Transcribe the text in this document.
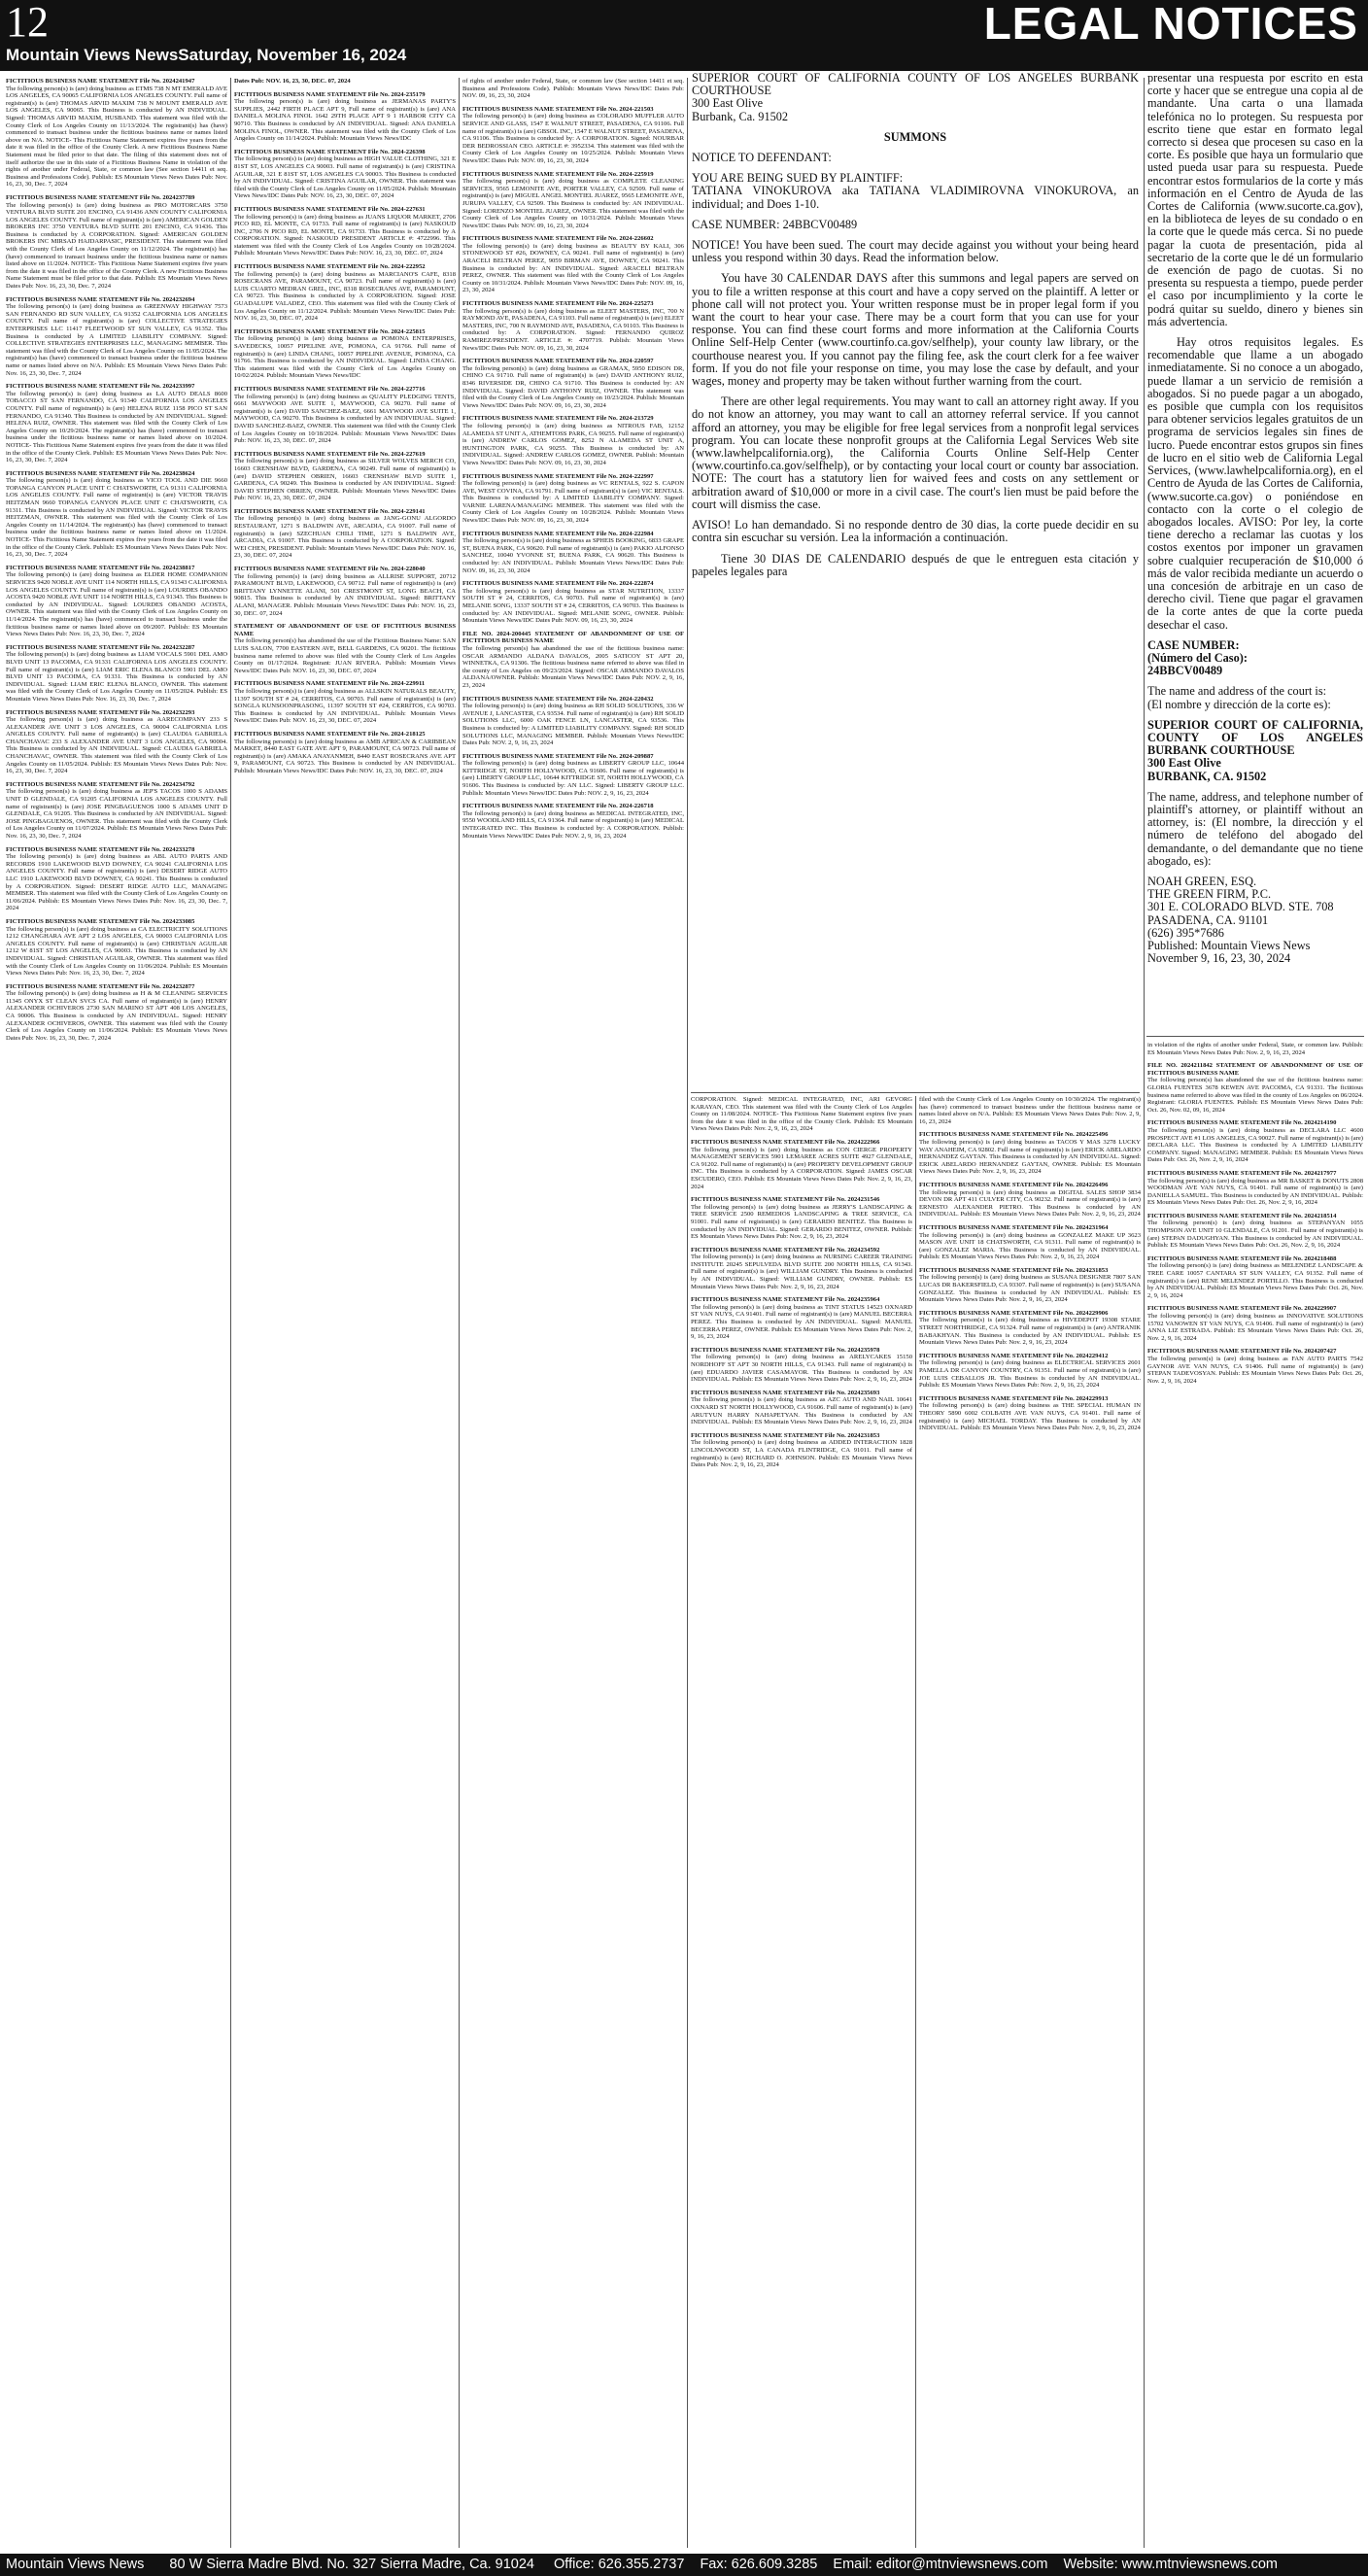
12	LEGAL NOTICES
Mountain Views NewsSaturday, November 16, 2024
FICTITIOUS BUSINESS NAME STATEMENT File No. 2024241947
The following person(s) is (are) doing business as ETMS 738 N MT EMERALD AVE LOS ANGELES, CA 90065 CALIFORNIA LOS ANGELES COUNTY. Full name of registrant(s) is (are) THOMAS ARVID MAXIM 738 N MOUNT EMERALD AVE LOS ANGELES, CA 90065. This Business is conducted by AN INDIVIDUAL. Signed: THOMAS ARVID MAXIM, HUSBAND. This statement was filed with the County Clerk of Los Angeles County on 11/13/2024. The registrant(s) has (have) commenced to transact business under the fictitious business name or names listed above on N/A. NOTICE- This Fictitious Name Statement expires five years from the date it was filed in the office of the County Clerk. A new Fictitious Business Name Statement must be filed prior to that date. The filing of this statement does not of itself authorize the use in this state of a Fictitious Business Name in violation of the rights of another under Federal, State, or common law (See section 14411 et seq. Business and Professions Code). Publish: ES Mountain Views News Dates Pub: Nov. 16, 23, 30, Dec. 7, 2024
FICTITIOUS BUSINESS NAME STATEMENT File No. 2024237789
The following person(s) is (are) doing business as PRO MOTORCARS 3750 VENTURA BLVD SUITE 201 ENCINO, CA 91436 ANN COUNTY CALIFORNIA LOS ANGELES COUNTY. Full name of registrant(s) is (are) AMERICAN GOLDEN BROKERS INC 3750 VENTURA BLVD SUITE 201 ENCINO, CA 91436. This Business is conducted by A CORPORATION. Signed: AMERICAN GOLDEN BROKERS INC MIRSAD HAJDARPASIC, PRESIDENT. This statement was filed with the County Clerk of Los Angeles County on 11/12/2024. The registrant(s) has (have) commenced to transact business under the fictitious business name or names listed above on 11/2024. NOTICE- This Fictitious Name Statement expires five years from the date it was filed in the office of the County Clerk. A new Fictitious Business Name Statement must be filed prior to that date. Publish: ES Mountain Views News Dates Pub: Nov. 16, 23, 30, Dec. 7, 2024
FICTITIOUS BUSINESS NAME STATEMENT File No. 2024232694
The following person(s) is (are) doing business as GREENWAY HIGHWAY 7573 SAN FERNANDO RD SUN VALLEY, CA 91352 CALIFORNIA LOS ANGELES COUNTY. Full name of registrant(s) is (are) COLLECTIVE STRATEGIES ENTERPRISES LLC 11417 FLEETWOOD ST SUN VALLEY, CA 91352. This Business is conducted by A LIMITED LIABILITY COMPANY. Signed: COLLECTIVE STRATEGIES ENTERPRISES LLC, MANAGING MEMBER. This statement was filed with the County Clerk of Los Angeles County on 11/05/2024. The registrant(s) has (have) commenced to transact business under the fictitious business name or names listed above on N/A. Publish: ES Mountain Views News Dates Pub: Nov. 16, 23, 30, Dec. 7, 2024
FICTITIOUS BUSINESS NAME STATEMENT File No. 2024233997
The following person(s) is (are) doing business as LA AUTO DEALS 8600 TOBACCO ST SAN FERNANDO, CA 91340 CALIFORNIA LOS ANGELES COUNTY. Full name of registrant(s) is (are) HELENA RUIZ 1158 PICO ST SAN FERNANDO, CA 91340. This Business is conducted by AN INDIVIDUAL. Signed: HELENA RUIZ, OWNER. This statement was filed with the County Clerk of Los Angeles County on 10/29/2024. The registrant(s) has (have) commenced to transact business under the fictitious business name or names listed above on 10/2024. NOTICE- This Fictitious Name Statement expires five years from the date it was filed in the office of the County Clerk. Publish: ES Mountain Views News Dates Pub: Nov. 16, 23, 30, Dec. 7, 2024
FICTITIOUS BUSINESS NAME STATEMENT File No. 2024238624
The following person(s) is (are) doing business as VICO TOOL AND DIE 9660 TOPANGA CANYON PLACE UNIT C CHATSWORTH, CA 91311 CALIFORNIA LOS ANGELES COUNTY. Full name of registrant(s) is (are) VICTOR TRAVIS HEITZMAN 9660 TOPANGA CANYON PLACE UNIT C CHATSWORTH, CA 91311. This Business is conducted by AN INDIVIDUAL. Signed: VICTOR TRAVIS HEITZMAN, OWNER. This statement was filed with the County Clerk of Los Angeles County on 11/14/2024. The registrant(s) has (have) commenced to transact business under the fictitious business name or names listed above on 11/2024. NOTICE- This Fictitious Name Statement expires five years from the date it was filed in the office of the County Clerk. Publish: ES Mountain Views News Dates Pub: Nov. 16, 23, 30, Dec. 7, 2024
FICTITIOUS BUSINESS NAME STATEMENT File No. 2024238817
The following person(s) is (are) doing business as ELDER HOME COMPANION SERVICES 9420 NOBLE AVE UNIT 114 NORTH HILLS, CA 91343 CALIFORNIA LOS ANGELES COUNTY. Full name of registrant(s) is (are) LOURDES OBANDO ACOSTA 9420 NOBLE AVE UNIT 114 NORTH HILLS, CA 91343. This Business is conducted by AN INDIVIDUAL. Signed: LOURDES OBANDO ACOSTA, OWNER. This statement was filed with the County Clerk of Los Angeles County on 11/14/2024. The registrant(s) has (have) commenced to transact business under the fictitious business name or names listed above on 09/2007. Publish: ES Mountain Views News Dates Pub: Nov. 16, 23, 30, Dec. 7, 2024
FICTITIOUS BUSINESS NAME STATEMENT File No. 2024232287
The following person(s) is (are) doing business as LIAM VOCALS 5901 DEL AMO BLVD UNIT 13 PACOIMA, CA 91331 CALIFORNIA LOS ANGELES COUNTY. Full name of registrant(s) is (are) LIAM ERIC ELENA BLANCO 5901 DEL AMO BLVD UNIT 13 PACOIMA, CA 91331. This Business is conducted by AN INDIVIDUAL. Signed: LIAM ERIC ELENA BLANCO, OWNER. This statement was filed with the County Clerk of Los Angeles County on 11/05/2024. Publish: ES Mountain Views News Dates Pub: Nov. 16, 23, 30, Dec. 7, 2024
FICTITIOUS BUSINESS NAME STATEMENT File No. 2024232293
The following person(s) is (are) doing business as AARECOMPANY 233 S ALEXANDER AVE UNIT 3 LOS ANGELES, CA 90004 CALIFORNIA LOS ANGELES COUNTY. Full name of registrant(s) is (are) CLAUDIA GABRIELA CHANCHAVAC 233 S ALEXANDER AVE UNIT 3 LOS ANGELES, CA 90004. This Business is conducted by AN INDIVIDUAL. Signed: CLAUDIA GABRIELA CHANCHAVAC, OWNER. This statement was filed with the County Clerk of Los Angeles County on 11/05/2024. Publish: ES Mountain Views News Dates Pub: Nov. 16, 23, 30, Dec. 7, 2024
FICTITIOUS BUSINESS NAME STATEMENT File No. 2024234792
The following person(s) is (are) doing business as JEP'S TACOS 1000 S ADAMS UNIT D GLENDALE, CA 91205 CALIFORNIA LOS ANGELES COUNTY. Full name of registrant(s) is (are) JOSE PINGBAGUENOS 1000 S ADAMS UNIT D GLENDALE, CA 91205. This Business is conducted by AN INDIVIDUAL. Signed: JOSE PINGBAGUENOS, OWNER. This statement was filed with the County Clerk of Los Angeles County on 11/07/2024. Publish: ES Mountain Views News Dates Pub: Nov. 16, 23, 30, Dec. 7, 2024
FICTITIOUS BUSINESS NAME STATEMENT File No. 2024233278
The following person(s) is (are) doing business as ABL AUTO PARTS AND RECORDS 1910 LAKEWOOD BLVD DOWNEY, CA 90241 CALIFORNIA LOS ANGELES COUNTY. Full name of registrant(s) is (are) DESERT RIDGE AUTO LLC 1910 LAKEWOOD BLVD DOWNEY, CA 90241. This Business is conducted by A CORPORATION. Signed: DESERT RIDGE AUTO LLC, MANAGING MEMBER. This statement was filed with the County Clerk of Los Angeles County on 11/06/2024. Publish: ES Mountain Views News Dates Pub: Nov. 16, 23, 30, Dec. 7, 2024
FICTITIOUS BUSINESS NAME STATEMENT File No. 2024233085
The following person(s) is (are) doing business as CA ELECTRICITY SOLUTIONS 1212 CHANGHARA AVE APT 2 LOS ANGELES, CA 90003 CALIFORNIA LOS ANGELES COUNTY. Full name of registrant(s) is (are) CHRISTIAN AGUILAR 1212 W 81ST ST LOS ANGELES, CA 90003. This Business is conducted by AN INDIVIDUAL. Signed: CHRISTIAN AGUILAR, OWNER. This statement was filed with the County Clerk of Los Angeles County on 11/06/2024. Publish: ES Mountain Views News Dates Pub: Nov. 16, 23, 30, Dec. 7, 2024
FICTITIOUS BUSINESS NAME STATEMENT File No. 2024232877
The following person(s) is (are) doing business as H & M CLEANING SERVICES 11345 ONYX ST CLEAN SVCS CA. Full name of registrant(s) is (are) HENRY ALEXANDER OCHIVEROS 2730 SAN MARINO ST APT 408 LOS ANGELES, CA 90006. This Business is conducted by AN INDIVIDUAL. Signed: HENRY ALEXANDER OCHIVEROS, OWNER. This statement was filed with the County Clerk of Los Angeles County on 11/06/2024. Publish: ES Mountain Views News Dates Pub: Nov. 16, 23, 30, Dec. 7, 2024
Dates Pub: NOV. 16, 23, 30, DEC. 07, 2024
FICTITIOUS BUSINESS NAME STATEMENT File No. 2024-235179
The following person(s) is (are) doing business as JERMANAS PARTY'S SUPPLIES, 2442 FIRTH PLACE APT 9, Full name of registrant(s) is (are) ANA DANIELA MOLINA FINOL 1642 29TH PLACE APT 9 1 HARBOR CITY CA 90710. This Business is conducted by AN INDIVIDUAL. Signed: ANA DANIELA MOLINA FINOL, OWNER. This statement was filed with the County Clerk of Los Angeles County on 11/14/2024. Publish: Mountain Views News/IDC
FICTITIOUS BUSINESS NAME STATEMENT File No. 2024-226398
The following person(s) is (are) doing business as HIGH VALUE CLOTHING, 321 E 81ST ST, LOS ANGELES CA 90003. Full name of registrant(s) is (are) CRISTINA AGUILAR, 321 E 81ST ST, LOS ANGELES CA 90003. This Business is conducted by AN INDIVIDUAL. Signed: CRISTINA AGUILAR, OWNER. This statement was filed with the County Clerk of Los Angeles County on 11/05/2024. Publish: Mountain Views News/IDC Dates Pub: NOV. 16, 23, 30, DEC. 07, 2024
FICTITIOUS BUSINESS NAME STATEMENT File No. 2024-227631
The following person(s) is (are) doing business as JUANS LIQUOR MARKET, 2706 PICO RD, EL MONTE, CA 91733. Full name of registrant(s) is (are) NASKOUD INC, 2706 N PICO RD, EL MONTE, CA 91733. This Business is conducted by A CORPORATION. Signed: NASKOUD PRESIDENT ARTICLE #: 4722996. This statement was filed with the County Clerk of Los Angeles County on 10/28/2024. Publish: Mountain Views News/IDC Dates Pub: NOV. 16, 23, 30, DEC. 07, 2024
FICTITIOUS BUSINESS NAME STATEMENT File No. 2024-222952
The following person(s) is (are) doing business as MARCIANO'S CAFE, 8318 ROSECRANS AVE, PARAMOUNT, CA 90723. Full name of registrant(s) is (are) LUIS CUARTO MEDRAN GREL, INC, 8318 ROSECRANS AVE, PARAMOUNT, CA 90723. This Business is conducted by A CORPORATION. Signed: JOSE GUADALUPE VALADEZ, CEO. This statement was filed with the County Clerk of Los Angeles County on 11/12/2024. Publish: Mountain Views News/IDC Dates Pub: NOV. 16, 23, 30, DEC. 07, 2024
FICTITIOUS BUSINESS NAME STATEMENT File No. 2024-225815
The following person(s) is (are) doing business as POMONA ENTERPRISES, SAVEDECKS, 10057 PIPELINE AVE, POMONA, CA 91766. Full name of registrant(s) is (are) LINDA CHANG, 10057 PIPELINE AVENUE, POMONA, CA 91766. This Business is conducted by AN INDIVIDUAL. Signed: LINDA CHANG. This statement was filed with the County Clerk of Los Angeles County on 10/02/2024. Publish: Mountain Views News/IDC
FICTITIOUS BUSINESS NAME STATEMENT File No. 2024-227716
The following person(s) is (are) doing business as QUALITY PLEDGING TENTS, 6661 MAYWOOD AVE SUITE 1, MAYWOOD, CA 90270. Full name of registrant(s) is (are) DAVID SANCHEZ-BAEZ, 6661 MAYWOOD AVE SUITE 1, MAYWOOD, CA 90270. This Business is conducted by AN INDIVIDUAL. Signed: DAVID SANCHEZ-BAEZ, OWNER. This statement was filed with the County Clerk of Los Angeles County on 10/18/2024. Publish: Mountain Views News/IDC Dates Pub: NOV. 16, 23, 30, DEC. 07, 2024
FICTITIOUS BUSINESS NAME STATEMENT File No. 2024-227619
The following person(s) is (are) doing business as SILVER WOLVES MERCH CO, 16603 CRENSHAW BLVD, GARDENA, CA 90249. Full name of registrant(s) is (are) DAVID STEPHEN OBRIEN, 16603 CRENSHAW BLVD SUITE 1, GARDENA, CA 90249. This Business is conducted by AN INDIVIDUAL. Signed: DAVID STEPHEN OBRIEN, OWNER. Publish: Mountain Views News/IDC Dates Pub: NOV. 16, 23, 30, DEC. 07, 2024
FICTITIOUS BUSINESS NAME STATEMENT File No. 2024-229141
The following person(s) is (are) doing business as JANG-GONU ALGORDO RESTAURANT, 1271 S BALDWIN AVE, ARCADIA, CA 91007. Full name of registrant(s) is (are) SZECHUAN CHILI TIME, 1271 S BALDWIN AVE, ARCADIA, CA 91007. This Business is conducted by A CORPORATION. Signed: WEI CHEN, PRESIDENT. Publish: Mountain Views News/IDC Dates Pub: NOV. 16, 23, 30, DEC. 07, 2024
FICTITIOUS BUSINESS NAME STATEMENT File No. 2024-228040
The following person(s) is (are) doing business as ALLRISE SUPPORT, 20712 PARAMOUNT BLVD, LAKEWOOD, CA 90712. Full name of registrant(s) is (are) BRITTANY LYNNETTE ALANI, 501 CRESTMONT ST, LONG BEACH, CA 90815. This Business is conducted by AN INDIVIDUAL. Signed: BRITTANY ALANI, MANAGER. Publish: Mountain Views News/IDC Dates Pub: NOV. 16, 23, 30, DEC. 07, 2024
STATEMENT OF ABANDONMENT OF USE OF FICTITIOUS BUSINESS NAME
The following person(s) has abandoned the use of the Fictitious Business Name: SAN LUIS SALON, 7700 EASTERN AVE, BELL GARDENS, CA 90201. The fictitious business name referred to above was filed with the County Clerk of Los Angeles County on 01/17/2024. Registrant: JUAN RIVERA. Publish: Mountain Views News/IDC Dates Pub: NOV. 16, 23, 30, DEC. 07, 2024
FICTITIOUS BUSINESS NAME STATEMENT File No. 2024-229911
The following person(s) is (are) doing business as ALLSKIN NATURALS BEAUTY, 11397 SOUTH ST # 24, CERRITOS, CA 90703. Full name of registrant(s) is (are) SONGLA KUNSOONPRASONG, 11397 SOUTH ST #24, CERRITOS, CA 90703. This Business is conducted by AN INDIVIDUAL. Publish: Mountain Views News/IDC Dates Pub: NOV. 16, 23, 30, DEC. 07, 2024
FICTITIOUS BUSINESS NAME STATEMENT File No. 2024-218125
The following person(s) is (are) doing business as AMB AFRICAN & CARIBBEAN MARKET, 8440 EAST GATE AVE APT 9, PARAMOUNT, CA 90723. Full name of registrant(s) is (are) AMAKA ANAYANMEH, 8440 EAST ROSECRANS AVE APT 9, PARAMOUNT, CA 90723. This Business is conducted by AN INDIVIDUAL. Publish: Mountain Views News/IDC Dates Pub: NOV. 16, 23, 30, DEC. 07, 2024
of rights of another under Federal, State, or common law (See section 14411 et seq. Business and Professions Code). Publish: Mountain Views News/IDC Dates Pub: NOV. 09, 16, 23, 30, 2024
FICTITIOUS BUSINESS NAME STATEMENT File No. 2024-221503
The following person(s) is (are) doing business as COLORADO MUFFLER AUTO SERVICE AND GLASS, 1547 E WALNUT STREET, PASADENA, CA 91106. Full name of registrant(s) is (are) GBSOL INC, 1547 E WALNUT STREET, PASADENA, CA 91106. This Business is conducted by: A CORPORATION. Signed: NOURBAR DER BEDROSSIAN CEO. ARTICLE #: 3952334. This statement was filed with the County Clerk of Los Angeles County on 10/25/2024. Publish: Mountain Views News/IDC Dates Pub: NOV. 09, 16, 23, 30, 2024
FICTITIOUS BUSINESS NAME STATEMENT File No. 2024-225919
The following person(s) is (are) doing business as COMPLETE CLEANING SERVICES, 9565 LEMONITE AVE, PORTER VALLEY, CA 92509. Full name of registrant(s) is (are) MIGUEL ANGEL MONTIEL JUAREZ, 9565 LEMONITE AVE, JURUPA VALLEY, CA 92509. This Business is conducted by: AN INDIVIDUAL. Signed: LORENZO MONTIEL JUAREZ, OWNER. This statement was filed with the County Clerk of Los Angeles County on 10/31/2024. Publish: Mountain Views News/IDC Dates Pub: NOV. 09, 16, 23, 30, 2024
FICTITIOUS BUSINESS NAME STATEMENT File No. 2024-226602
The following person(s) is (are) doing business as BEAUTY BY KALI, 306 STONEWOOD ST #26, DOWNEY, CA 90241. Full name of registrant(s) is (are) ARACELI BELTRAN PEREZ, 9059 BIRMAN AVE, DOWNEY, CA 90241. This Business is conducted by: AN INDIVIDUAL. Signed: ARACELI BELTRAN PEREZ, OWNER. This statement was filed with the County Clerk of Los Angeles County on 10/31/2024. Publish: Mountain Views News/IDC Dates Pub: NOV. 09, 16, 23, 30, 2024
FICTITIOUS BUSINESS NAME STATEMENT File No. 2024-225273
The following person(s) is (are) doing business as ELEET MASTERS, INC, 700 N RAYMOND AVE, PASADENA, CA 91103. Full name of registrant(s) is (are) ELEET MASTERS, INC, 700 N RAYMOND AVE, PASADENA, CA 91103. This Business is conducted by: A CORPORATION. Signed: FERNANDO QUIROZ RAMIREZ/PRESIDENT. ARTICLE #: 4707719. Publish: Mountain Views News/IDC Dates Pub: NOV. 09, 16, 23, 30, 2024
FICTITIOUS BUSINESS NAME STATEMENT File No. 2024-220597
The following person(s) is (are) doing business as GRAMAX, 5950 EDISON DR, CHINO CA 91710. Full name of registrant(s) is (are) DAVID ANTHONY RUIZ, 8346 RIVERSIDE DR, CHINO CA 91710. This Business is conducted by: AN INDIVIDUAL. Signed: DAVID ANTHONY RUIZ, OWNER. This statement was filed with the County Clerk of Los Angeles County on 10/23/2024. Publish: Mountain Views News/IDC Dates Pub: NOV. 09, 16, 23, 30, 2024
FICTITIOUS BUSINESS NAME STATEMENT File No. 2024-213729
The following person(s) is (are) doing business as NITROUS FAB, 12152 ALAMEDA ST UNIT A, ATHEMTOSS PARK, CA 90255. Full name of registrant(s) is (are) ANDREW CARLOS GOMEZ, 8252 N ALAMEDA ST UNIT A, HUNTINGTON PARK, CA 90255. This Business is conducted by: AN INDIVIDUAL. Signed: ANDREW CARLOS GOMEZ, OWNER. Publish: Mountain Views News/IDC Dates Pub: NOV. 09, 16, 23, 30, 2024
FICTITIOUS BUSINESS NAME STATEMENT File No. 2024-222997
The following person(s) is (are) doing business as VC RENTALS, 922 S. CAPON AVE, WEST COVINA, CA 91791. Full name of registrant(s) is (are) VIC RENTALS. This Business is conducted by: A LIMITED LIABILITY COMPANY. Signed: VARNIE LARENA/MANAGING MEMBER. This statement was filed with the County Clerk of Los Angeles County on 10/28/2024. Publish: Mountain Views News/IDC Dates Pub: NOV. 09, 16, 23, 30, 2024
FICTITIOUS BUSINESS NAME STATEMENT File No. 2024-222984
The following person(s) is (are) doing business as SPHEIS BOOKING, 6833 GRAPE ST, BUENA PARK, CA 90620. Full name of registrant(s) is (are) PAKIO ALFONSO SANCHEZ, 10040 YVONNE ST, BUENA PARK, CA 90620. This Business is conducted by: AN INDIVIDUAL. Publish: Mountain Views News/IDC Dates Pub: NOV. 09, 16, 23, 30, 2024
FICTITIOUS BUSINESS NAME STATEMENT File No. 2024-222874
The following person(s) is (are) doing business as STAR NUTRITION, 13337 SOUTH ST # 24, CERRITOS, CA 90703. Full name of registrant(s) is (are) MELANIE SONG, 13337 SOUTH ST # 24, CERRITOS, CA 90703. This Business is conducted by: AN INDIVIDUAL. Signed: MELANIE SONG, OWNER. Publish: Mountain Views News/IDC Dates Pub: NOV. 09, 16, 23, 30, 2024
FILE NO. 2024-200445 STATEMENT OF ABANDONMENT OF USE OF FICTITIOUS BUSINESS NAME
The following person(s) has abandoned the use of the fictitious business name: OSCAR ARMANDO ALDANA DAVALOS, 2005 SATICOY ST APT 20, WINNETKA, CA 91306. The fictitious business name referred to above was filed in the county of Los Angeles on 09/23/2024. Signed: OSCAR ARMANDO DAVALOS ALDANA/OWNER. Publish: Mountain Views News/IDC Dates Pub: NOV. 2, 9, 16, 23, 2024
FICTITIOUS BUSINESS NAME STATEMENT File No. 2024-220432
The following person(s) is (are) doing business as RH SOLID SOLUTIONS, 336 W AVENUE J, LANCASTER, CA 93534. Full name of registrant(s) is (are) RH SOLID SOLUTIONS LLC, 6000 OAK FENCE LN, LANCASTER, CA 93536. This Business is conducted by: A LIMITED LIABILITY COMPANY. Signed: RH SOLID SOLUTIONS LLC, MANAGING MEMBER. Publish: Mountain Views News/IDC Dates Pub: NOV. 2, 9, 16, 23, 2024
FICTITIOUS BUSINESS NAME STATEMENT File No. 2024-209887
The following person(s) is (are) doing business as LIBERTY GROUP LLC, 10644 KITTRIDGE ST, NORTH HOLLYWOOD, CA 91606. Full name of registrant(s) is (are) LIBERTY GROUP LLC, 10644 KITTRIDGE ST, NORTH HOLLYWOOD, CA 91606. This Business is conducted by: AN LLC. Signed: LIBERTY GROUP LLC. Publish: Mountain Views News/IDC Dates Pub: NOV. 2, 9, 16, 23, 2024
FICTITIOUS BUSINESS NAME STATEMENT File No. 2024-226718
The following person(s) is (are) doing business as MEDICAL INTEGRATED, INC, 9550 WOODLAND HILLS, CA 91364. Full name of registrant(s) is (are) MEDICAL INTEGRATED INC. This Business is conducted by: A CORPORATION. Publish: Mountain Views News/IDC Dates Pub: NOV. 2, 9, 16, 23, 2024

SUPERIOR COURT OF CALIFORNIA COUNTY OF LOS ANGELES BURBANK COURTHOUSE

300 East Olive

Burbank, Ca. 91502

SUMMONS

NOTICE TO DEFENDANT:

YOU ARE BEING SUED BY PLAINTIFF:

TATIANA VINOKUROVA aka TATIANA VLADIMIROVNA VINOKUROVA, an individual; and Does 1-10.

CASE NUMBER: 24BBCV00489

NOTICE! You have been sued. The court may decide against you without your being heard unless you respond within 30 days. Read the information below.

You have 30 CALENDAR DAYS after this summons and legal papers are served on you to file a written response at this court and have a copy served on the plaintiff. A letter or phone call will not protect you. Your written response must be in proper legal form if you want the court to hear your case. There may be a court form that you can use for your response. You can find these court forms and more information at the California Courts Online Self-Help Center (www.courtinfo.ca.gov/selfhelp), your county law library, or the courthouse nearest you. If you cannot pay the filing fee, ask the court clerk for a fee waiver form. If you do not file your response on time, you may lose the case by default, and your wages, money and property may be taken without further warning from the court.

There are other legal requirements. You may want to call an attorney right away. If you do not know an attorney, you may want to call an attorney referral service. If you cannot afford an attorney, you may be eligible for free legal services from a nonprofit legal services program. You can locate these nonprofit groups at the California Legal Services Web site (www.lawhelpcalifornia.org), the California Courts Online Self-Help Center (www.courtinfo.ca.gov/selfhelp), or by contacting your local court or county bar association. NOTE: The court has a statutory lien for waived fees and costs on any settlement or arbitration award of $10,000 or more in a civil case. The court's lien must be paid before the court will dismiss the case.

AVISO! Lo han demandado. Si no responde dentro de 30 dias, la corte puede decidir en su contra sin escuchar su versión. Lea la información a continuación.

Tiene 30 DIAS DE CALENDARIO después de que le entreguen esta citación y papeles legales para

presentar una respuesta por escrito en esta corte y hacer que se entregue una copia al de mandante. Una carta o una llamada telefónica no lo protegen. Su respuesta por escrito tiene que estar en formato legal correcto si desea que procesen su caso en la corte. Es posible que haya un formulario que usted pueda usar para su respuesta. Puede encontrar estos formularios de la corte y más información en el Centro de Ayuda de las Cortes de California (www.sucorte.ca.gov), en la biblioteca de leyes de su condado o en la corte que le quede más cerca. Si no puede pagar la cuota de presentación, pida al secretario de la corte que le dé un formulario de exención de pago de cuotas. Si no presenta su respuesta a tiempo, puede perder el caso por incumplimiento y la corte le podrá quitar su sueldo, dinero y bienes sin más advertencia.

Hay otros requisitos legales. Es recomendable que llame a un abogado inmediatamente. Si no conoce a un abogado, puede llamar a un servicio de remisión a abogados. Si no puede pagar a un abogado, es posible que cumpla con los requisitos para obtener servicios legales gratuitos de un programa de servicios legales sin fines de lucro. Puede encontrar estos grupos sin fines de lucro en el sitio web de California Legal Services, (www.lawhelpcalifornia.org), en el Centro de Ayuda de las Cortes de California, (www.sucorte.ca.gov) o poniéndose en contacto con la corte o el colegio de abogados locales. AVISO: Por ley, la corte tiene derecho a reclamar las cuotas y los costos exentos por imponer un gravamen sobre cualquier recuperación de $10,000 ó más de valor recibida mediante un acuerdo o una concesión de arbitraje en un caso de derecho civil. Tiene que pagar el gravamen de la corte antes de que la corte pueda desechar el caso.

CASE NUMBER:
(Número del Caso):
24BBCV00489

The name and address of the court is:
(El nombre y dirección de la corte es):

SUPERIOR COURT OF CALIFORNIA, COUNTY OF LOS ANGELES BURBANK COURTHOUSE
300 East Olive
BURBANK, CA. 91502

The name, address, and telephone number of plaintiff's attorney, or plaintiff without an attorney, is: (El nombre, la dirección y el número de teléfono del abogado del demandante, o del demandante que no tiene abogado, es):

NOAH GREEN, ESQ.
THE GREEN FIRM, P.C.
301 E. COLORADO BLVD. STE. 708
PASADENA, CA. 91101
(626) 395*7686
Published: Mountain Views News
November 9, 16, 23, 30, 2024

CORPORATION. Signed: MEDICAL INTEGRATED, INC, ARI GEVORG KARAYAN, CEO. This statement was filed with the County Clerk of Los Angeles County on 11/08/2024. NOTICE- This Fictitious Name Statement expires five years from the date it was filed in the office of the County Clerk. Publish: ES Mountain Views News Dates Pub: Nov. 2, 9, 16, 23, 2024
FICTITIOUS BUSINESS NAME STATEMENT File No. 2024222966
The following person(s) is (are) doing business as CON CIERGE PROPERTY MANAGEMENT SERVICES 5901 LEMAREE ACRES SUITE 4927 GLENDALE, CA 91202. Full name of registrant(s) is (are) PROPERTY DEVELOPMENT GROUP INC. This Business is conducted by A CORPORATION. Signed: JAMES OSCAR ESCUDERO, CEO. Publish: ES Mountain Views News Dates Pub: Nov. 2, 9, 16, 23, 2024
FICTITIOUS BUSINESS NAME STATEMENT File No. 2024231546
The following person(s) is (are) doing business as JERRY'S LANDSCAPING & TREE SERVICE 2500 REMEDIOS LANDSCAPING & TREE SERVICE, CA 91001. Full name of registrant(s) is (are) GERARDO BENITEZ. This Business is conducted by AN INDIVIDUAL. Signed: GERARDO BENITEZ, OWNER. Publish: ES Mountain Views News Dates Pub: Nov. 2, 9, 16, 23, 2024
FICTITIOUS BUSINESS NAME STATEMENT File No. 2024234592
The following person(s) is (are) doing business as NURSING CAREER TRAINING INSTITUTE 20245 SEPULVEDA BLVD SUITE 200 NORTH HILLS, CA 91343. Full name of registrant(s) is (are) WILLIAM GUNDRY. This Business is conducted by AN INDIVIDUAL. Signed: WILLIAM GUNDRY, OWNER. Publish: ES Mountain Views News Dates Pub: Nov. 2, 9, 16, 23, 2024
FICTITIOUS BUSINESS NAME STATEMENT File No. 2024235964
The following person(s) is (are) doing business as TINT STATUS 14523 OXNARD ST VAN NUYS, CA 91401. Full name of registrant(s) is (are) MANUEL BECERRA PEREZ. This Business is conducted by AN INDIVIDUAL. Signed: MANUEL BECERRA PEREZ, OWNER. Publish: ES Mountain Views News Dates Pub: Nov. 2, 9, 16, 23, 2024
FICTITIOUS BUSINESS NAME STATEMENT File No. 2024235978
The following person(s) is (are) doing business as ARELYCAKES 15150 NORDHOFF ST APT 30 NORTH HILLS, CA 91343. Full name of registrant(s) is (are) EDUARDO JAVIER CASAMAYOR. This Business is conducted by AN INDIVIDUAL. Publish: ES Mountain Views News Dates Pub: Nov. 2, 9, 16, 23, 2024
FICTITIOUS BUSINESS NAME STATEMENT File No. 2024235693
The following person(s) is (are) doing business as AZC AUTO AND NAIL 10641 OXNARD ST NORTH HOLLYWOOD, CA 91606. Full name of registrant(s) is (are) ARUTYUN HARRY NAHAPETYAN. This Business is conducted by AN INDIVIDUAL. Publish: ES Mountain Views News Dates Pub: Nov. 2, 9, 16, 23, 2024
FICTITIOUS BUSINESS NAME STATEMENT File No. 2024231853
The following person(s) is (are) doing business as ADDED INTERACTION 1828 LINCOLNWOOD ST, LA CANADA FLINTRIDGE, CA 91011. Full name of registrant(s) is (are) RICHARD O. JOHNSON. Publish: ES Mountain Views News Dates Pub: Nov. 2, 9, 16, 23, 2024
filed with the County Clerk of Los Angeles County on 10/30/2024. The registrant(s) has (have) commenced to transact business under the fictitious business name or names listed above on N/A. Publish: ES Mountain Views News Dates Pub: Nov. 2, 9, 16, 23, 2024
FICTITIOUS BUSINESS NAME STATEMENT File No. 2024225496
The following person(s) is (are) doing business as TACOS Y MAS 3278 LUCKY WAY ANAHEIM, CA 92802. Full name of registrant(s) is (are) ERICK ABELARDO HERNANDEZ GAYTAN. This Business is conducted by AN INDIVIDUAL. Signed: ERICK ABELARDO HERNANDEZ GAYTAN, OWNER. Publish: ES Mountain Views News Dates Pub: Nov. 2, 9, 16, 23, 2024
FICTITIOUS BUSINESS NAME STATEMENT File No. 2024226496
The following person(s) is (are) doing business as DIGITAL SALES SHOP 3834 DEVON DR APT 411 CULVER CITY, CA 90232. Full name of registrant(s) is (are) ERNESTO ALEXANDER PIETRO. This Business is conducted by AN INDIVIDUAL. Publish: ES Mountain Views News Dates Pub: Nov. 2, 9, 16, 23, 2024
FICTITIOUS BUSINESS NAME STATEMENT File No. 2024231964
The following person(s) is (are) doing business as GONZALEZ MAKE UP 3623 MASON AVE UNIT 18 CHATSWORTH, CA 91311. Full name of registrant(s) is (are) GONZALEZ MARIA. This Business is conducted by AN INDIVIDUAL. Publish: ES Mountain Views News Dates Pub: Nov. 2, 9, 16, 23, 2024
FICTITIOUS BUSINESS NAME STATEMENT File No. 2024231853
The following person(s) is (are) doing business as SUSANA DESIGNER 7807 SAN LUCAS DR BAKERSFIELD, CA 93307. Full name of registrant(s) is (are) SUSANA GONZALEZ. This Business is conducted by AN INDIVIDUAL. Publish: ES Mountain Views News Dates Pub: Nov. 2, 9, 16, 23, 2024
FICTITIOUS BUSINESS NAME STATEMENT File No. 2024229906
The following person(s) is (are) doing business as HIVEDEPOT 19308 STARE STREET NORTHRIDGE, CA 91324. Full name of registrant(s) is (are) ANTRANIK BABAKHYAN. This Business is conducted by AN INDIVIDUAL. Publish: ES Mountain Views News Dates Pub: Nov. 2, 9, 16, 23, 2024
FICTITIOUS BUSINESS NAME STATEMENT File No. 2024229412
The following person(s) is (are) doing business as ELECTRICAL SERVICES 2601 PAMELLA DR CANYON COUNTRY, CA 91351. Full name of registrant(s) is (are) JOE LUIS CEBALLOS JR. This Business is conducted by AN INDIVIDUAL. Publish: ES Mountain Views News Dates Pub: Nov. 2, 9, 16, 23, 2024
FICTITIOUS BUSINESS NAME STATEMENT File No. 2024229913
The following person(s) is (are) doing business as THE SPECIAL HUMAN IN THEORY 5890 6002 COLBATH AVE VAN NUYS, CA 91401. Full name of registrant(s) is (are) MICHAEL TORDAY. This Business is conducted by AN INDIVIDUAL. Publish: ES Mountain Views News Dates Pub: Nov. 2, 9, 16, 23, 2024
in violation of the rights of another under Federal, State, or common law. Publish: ES Mountain Views News Dates Pub: Nov. 2, 9, 16, 23, 2024
FILE NO. 2024211842 STATEMENT OF ABANDONMENT OF USE OF FICTITIOUS BUSINESS NAME
The following person(s) has abandoned the use of the fictitious business name: GLORIA FUENTES 3678 KEWEN AVE PACOIMA, CA 91331. The fictitious business name referred to above was filed in the county of Los Angeles on 06/2024. Registrant: GLORIA FUENTES. Publish: ES Mountain Views News Dates Pub: Oct. 26, Nov. 02, 09, 16, 2024
FICTITIOUS BUSINESS NAME STATEMENT File No. 2024214190
The following person(s) is (are) doing business as DECLARA LLC 4600 PROSPECT AVE #1 LOS ANGELES, CA 90027. Full name of registrant(s) is (are) DECLARA LLC. This Business is conducted by A LIMITED LIABILITY COMPANY. Signed: MANAGING MEMBER. Publish: ES Mountain Views News Dates Pub: Oct. 26, Nov. 2, 9, 16, 2024
FICTITIOUS BUSINESS NAME STATEMENT File No. 2024217977
The following person(s) is (are) doing business as MR BASKET & DONUTS 2808 WOODMAN AVE VAN NUYS, CA 91401. Full name of registrant(s) is (are) DANIELLA SAMUEL. This Business is conducted by AN INDIVIDUAL. Publish: ES Mountain Views News Dates Pub: Oct. 26, Nov. 2, 9, 16, 2024
FICTITIOUS BUSINESS NAME STATEMENT File No. 2024218514
The following person(s) is (are) doing business as STEPANYAN 1055 THOMPSON AVE UNIT 10 GLENDALE, CA 91201. Full name of registrant(s) is (are) STEPAN DADUGHYAN. This Business is conducted by AN INDIVIDUAL. Publish: ES Mountain Views News Dates Pub: Oct. 26, Nov. 2, 9, 16, 2024
FICTITIOUS BUSINESS NAME STATEMENT File No. 2024218488
The following person(s) is (are) doing business as MELENDEZ LANDSCAPE & TREE CARE 10057 CANTARA ST SUN VALLEY, CA 91352. Full name of registrant(s) is (are) RENE MELENDEZ PORTILLO. This Business is conducted by AN INDIVIDUAL. Publish: ES Mountain Views News Dates Pub: Oct. 26, Nov. 2, 9, 16, 2024
FICTITIOUS BUSINESS NAME STATEMENT File No. 2024229907
The following person(s) is (are) doing business as INNOVATIVE SOLUTIONS 15702 VANOWEN ST VAN NUYS, CA 91406. Full name of registrant(s) is (are) ANNA LIZ ESTRADA. Publish: ES Mountain Views News Dates Pub: Oct. 26, Nov. 2, 9, 16, 2024
FICTITIOUS BUSINESS NAME STATEMENT File No. 2024207427
The following person(s) is (are) doing business as FAN AUTO PARTS 7542 GAYNOR AVE VAN NUYS, CA 91406. Full name of registrant(s) is (are) STEPAN TADEVOSYAN. Publish: ES Mountain Views News Dates Pub: Oct. 26, Nov. 2, 9, 16, 2024
Mountain Views News 80 W Sierra Madre Blvd. No. 327 Sierra Madre, Ca. 91024 Office: 626.355.2737 Fax: 626.609.3285 Email: editor@mtnviewsnews.com Website: www.mtnviewsnews.com
